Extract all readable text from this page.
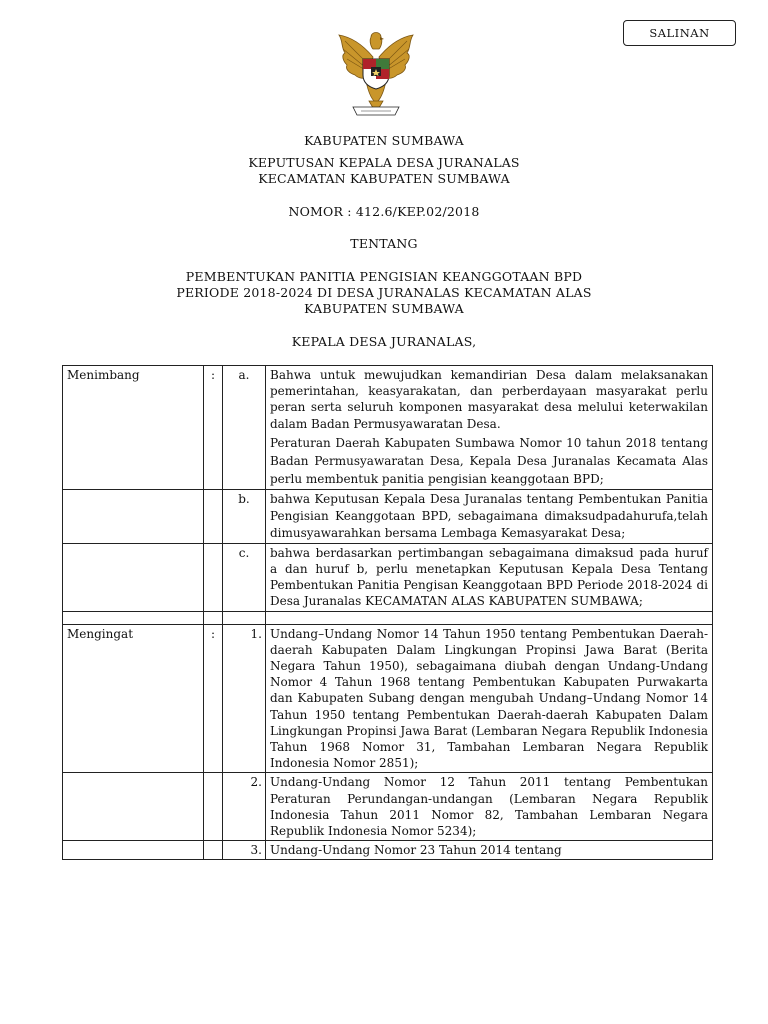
SALINAN
KABUPATEN SUMBAWA
KEPUTUSAN KEPALA DESA JURANALAS
KECAMATAN KABUPATEN SUMBAWA
NOMOR : 412.6/KEP.02/2018
TENTANG
PEMBENTUKAN PANITIA PENGISIAN KEANGGOTAAN BPD
PERIODE 2018-2024 DI DESA JURANALAS KECAMATAN ALAS
KABUPATEN SUMBAWA
KEPALA DESA JURANALAS,
Menimbang	:	a.	Bahwa untuk mewujudkan kemandirian Desa dalam melaksanakan pemerintahan, keasyarakatan, dan perberdayaan masyarakat perlu peran serta seluruh komponen masyarakat desa melului keterwakilan dalam Badan Permusyawaratan Desa.

Peraturan Daerah Kabupaten Sumbawa Nomor 10 tahun 2018 tentang Badan Permusyawaratan Desa, Kepala Desa Juranalas Kecamata Alas perlu membentuk panitia pengisian keanggotaan BPD;

		b.	bahwa Keputusan Kepala Desa Juranalas tentang Pembentukan Panitia Pengisian Keanggotaan BPD, sebagaimana dimaksudpadahurufa,telah dimusyawarahkan bersama Lembaga Kemasyarakat Desa;

		c.	bahwa berdasarkan pertimbangan sebagaimana dimaksud pada huruf a dan huruf b, perlu menetapkan Keputusan Kepala Desa Tentang Pembentukan Panitia Pengisan Keanggotaan BPD Periode 2018-2024 di Desa Juranalas KECAMATAN ALAS KABUPATEN SUMBAWA;

Mengingat	:	1.	Undang–Undang Nomor 14 Tahun 1950 tentang Pembentukan Daerah-daerah Kabupaten Dalam Lingkungan Propinsi Jawa Barat (Berita Negara Tahun 1950), sebagaimana diubah dengan Undang-Undang Nomor 4 Tahun 1968 tentang Pembentukan Kabupaten Purwakarta dan Kabupaten Subang dengan mengubah Undang–Undang Nomor 14 Tahun 1950 tentang Pembentukan Daerah-daerah Kabupaten Dalam Lingkungan Propinsi Jawa Barat (Lembaran Negara Republik Indonesia Tahun 1968 Nomor 31, Tambahan Lembaran Negara Republik Indonesia Nomor 2851);
		2.	Undang-Undang Nomor 12 Tahun 2011 tentang Pembentukan Peraturan Perundangan-undangan (Lembaran Negara Republik Indonesia Tahun 2011 Nomor 82, Tambahan Lembaran Negara Republik Indonesia Nomor 5234);
		3.	Undang-Undang Nomor 23 Tahun 2014 tentang
